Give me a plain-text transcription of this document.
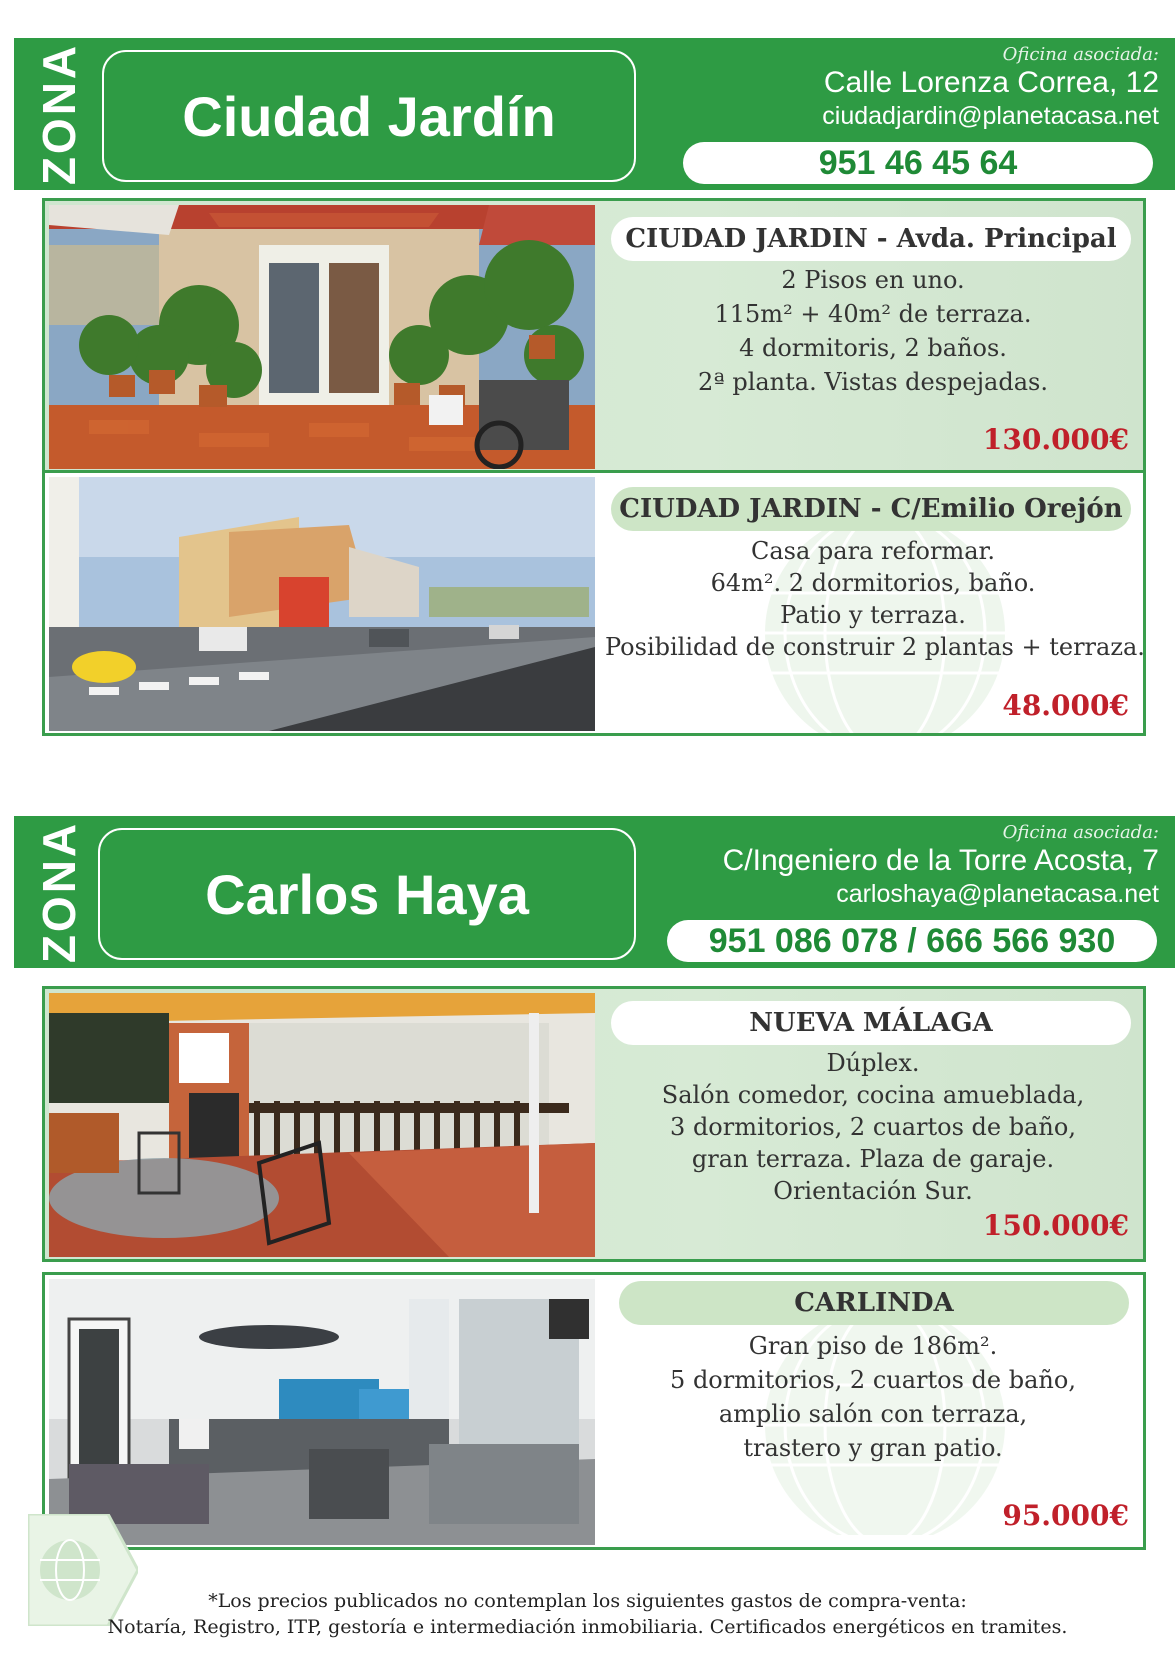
ZONA Ciudad Jardín
Oficina asociada:
Calle Lorenza Correa, 12
ciudadjardin@planetacasa.net
951 46 45 64
CIUDAD JARDIN - Avda. Principal
2 Pisos en uno.
115m² + 40m² de terraza.
4 dormitoris, 2 baños.
2ª planta. Vistas despejadas.
130.000€
CIUDAD JARDIN - C/Emilio Orejón
Casa para reformar.
64m². 2 dormitorios, baño.
Patio y terraza.
Posibilidad de construir 2 plantas + terraza.
48.000€
ZONA Carlos Haya
Oficina asociada:
C/Ingeniero de la Torre Acosta, 7
carloshaya@planetacasa.net
951 086 078 / 666 566 930
NUEVA MÁLAGA
Dúplex.
Salón comedor, cocina amueblada,
3 dormitorios, 2 cuartos de baño,
gran terraza. Plaza de garaje.
Orientación Sur.
150.000€
CARLINDA
Gran piso de 186m².
5 dormitorios, 2 cuartos de baño,
amplio salón con terraza,
trastero y gran patio.
95.000€
*Los precios publicados no contemplan los siguientes gastos de compra-venta:
Notaría, Registro, ITP, gestoría e intermediación inmobiliaria. Certificados energéticos en tramites.
